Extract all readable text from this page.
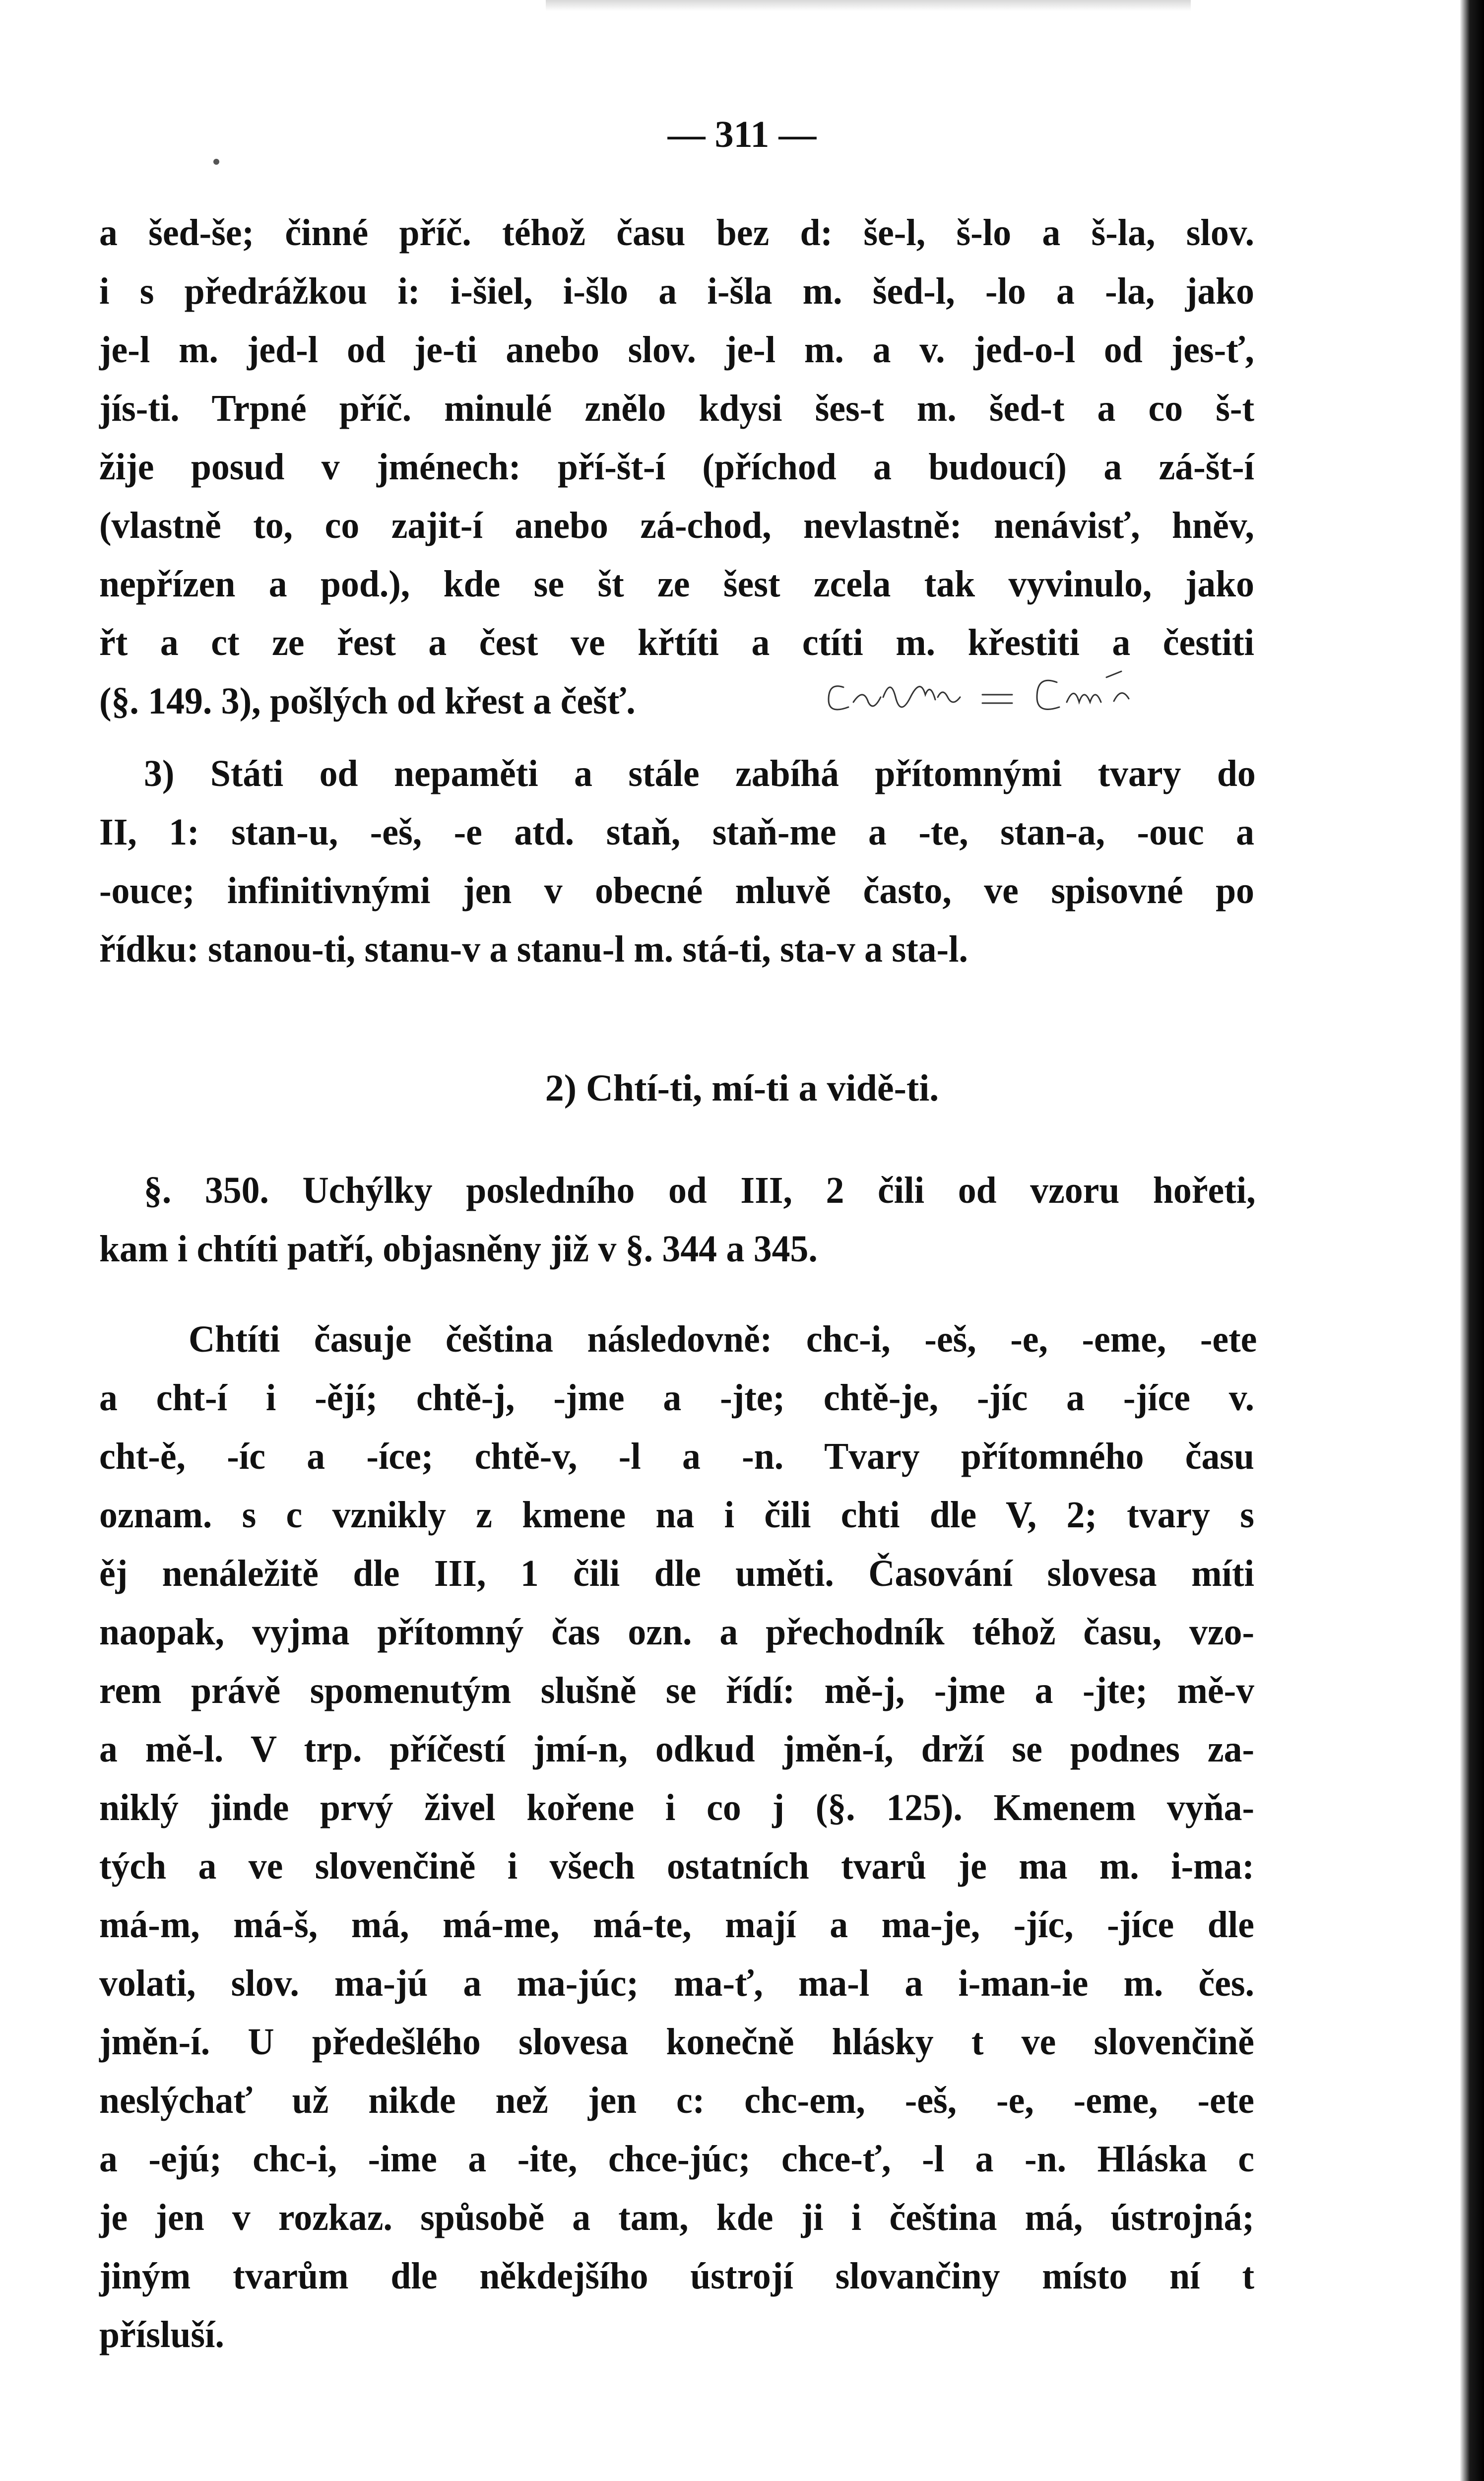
— 311 —
a šed-še; činné příč. téhož času bez d: še-l, š-lo a š-la, slov.
i s předrážkou i: i-šiel, i-šlo a i-šla m. šed-l, -lo a -la, jako
je-l m. jed-l od je-ti anebo slov. je-l m. a v. jed-o-l od jes-ť,
jís-ti. Trpné příč. minulé znělo kdysi šes-t m. šed-t a co š-t
žije posud v jménech: pří-št-í (příchod a budoucí) a zá-št-í
(vlastně to, co zajit-í anebo zá-chod, nevlastně: nenávisť, hněv,
nepřízen a pod.), kde se št ze šest zcela tak vyvinulo, jako
řt a ct ze řest a čest ve křtíti a ctíti m. křestiti a čestiti
(§. 149. 3), pošlých od křest a češť.
3) Státi od nepaměti a stále zabíhá přítomnými tvary do
II, 1: stan-u, -eš, -e atd. staň, staň-me a -te, stan-a, -ouc a
-ouce; infinitivnými jen v obecné mluvě často, ve spisovné po
řídku: stanou-ti, stanu-v a stanu-l m. stá-ti, sta-v a sta-l.
2) Chtí-ti, mí-ti a vidě-ti.
§. 350. Uchýlky posledního od III, 2 čili od vzoru hořeti,
kam i chtíti patří, objasněny již v §. 344 a 345.
Chtíti časuje čeština následovně: chc-i, -eš, -e, -eme, -ete
a cht-í i -ějí; chtě-j, -jme a -jte; chtě-je, -jíc a -jíce v.
cht-ě, -íc a -íce; chtě-v, -l a -n. Tvary přítomného času
oznam. s c vznikly z kmene na i čili chti dle V, 2; tvary s
ěj nenáležitě dle III, 1 čili dle uměti. Časování slovesa míti
naopak, vyjma přítomný čas ozn. a přechodník téhož času, vzo-
rem právě spomenutým slušně se řídí: mě-j, -jme a -jte; mě-v
a mě-l. V trp. příčestí jmí-n, odkud jměn-í, drží se podnes za-
niklý jinde prvý živel kořene i co j (§. 125). Kmenem vyňa-
tých a ve slovenčině i všech ostatních tvarů je ma m. i-ma:
má-m, má-š, má, má-me, má-te, mají a ma-je, -jíc, -jíce dle
volati, slov. ma-jú a ma-júc; ma-ť, ma-l a i-man-ie m. čes.
jměn-í. U předešlého slovesa konečně hlásky t ve slovenčině
neslýchať už nikde než jen c: chc-em, -eš, -e, -eme, -ete
a -ejú; chc-i, -ime a -ite, chce-júc; chce-ť, -l a -n. Hláska c
je jen v rozkaz. spůsobě a tam, kde ji i čeština má, ústrojná;
jiným tvarům dle někdejšího ústrojí slovančiny místo ní t
přísluší.
